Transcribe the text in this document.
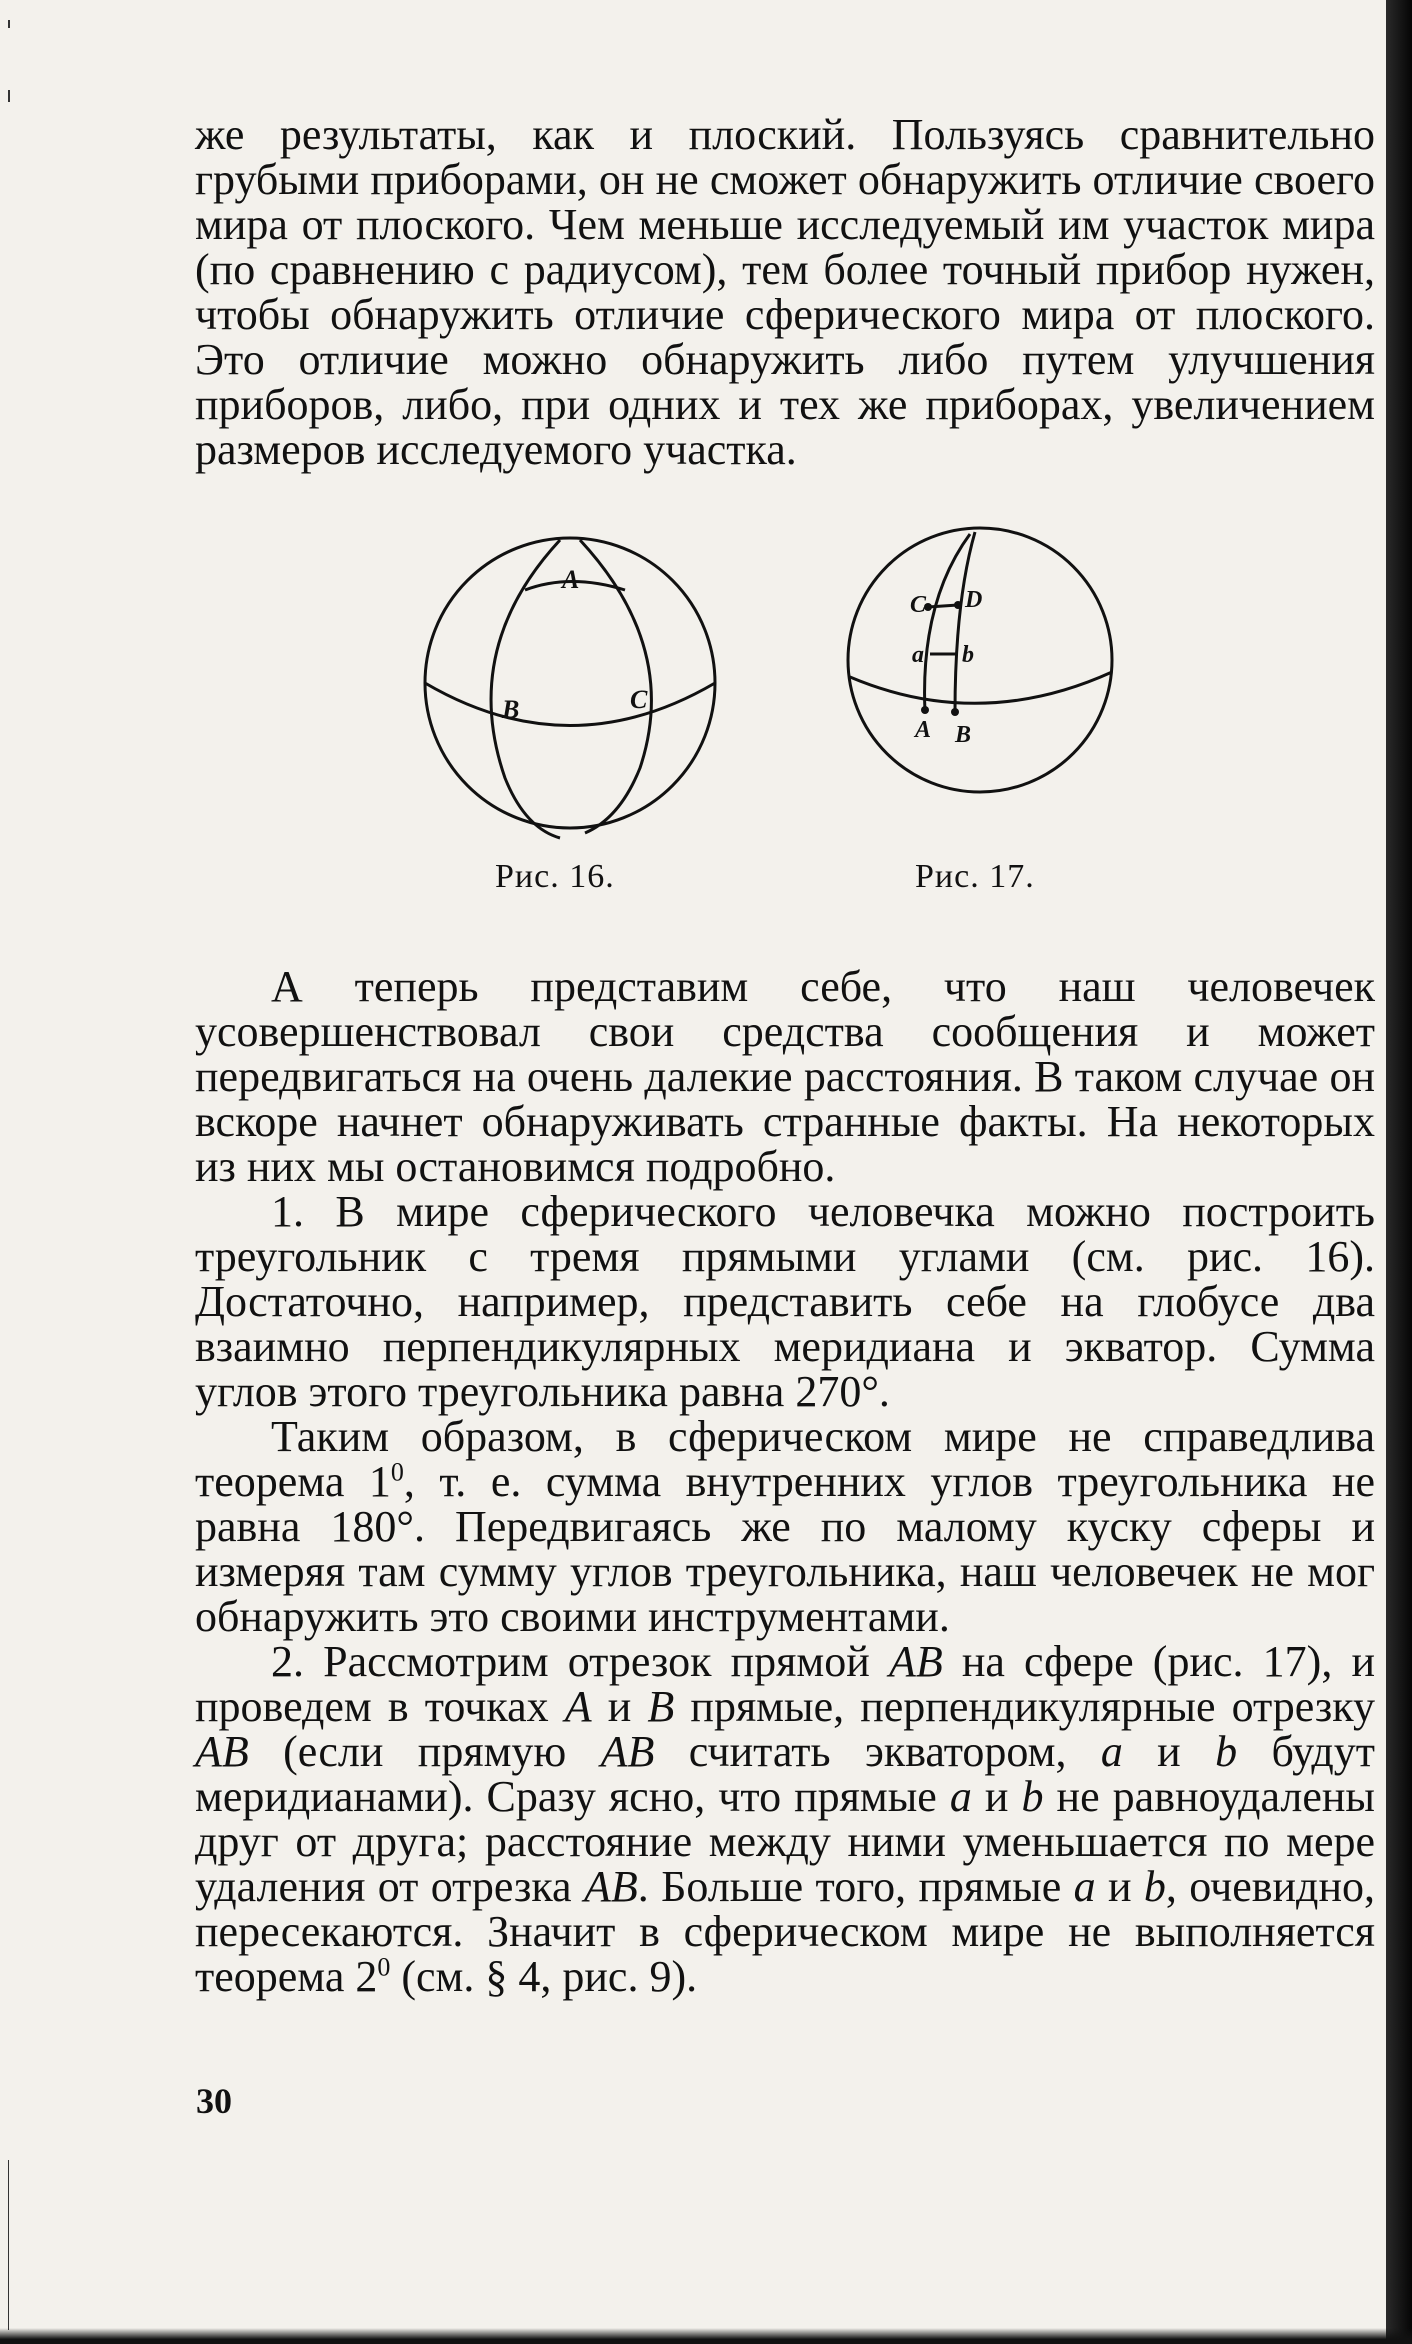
же результаты, как и плоский. Пользуясь сравнительно грубыми приборами, он не сможет обнаружить отличие своего мира от плоского. Чем меньше исследуемый им участок мира (по сравнению с радиусом), тем более точный прибор нужен, чтобы обнаружить отличие сферического мира от плоского. Это отличие можно обнаружить либо путем улучшения приборов, либо, при одних и тех же приборах, увеличением размеров исследуемого участка.

A
B	C
C D
a b
A B
Рис. 16.	Рис. 17.

А теперь представим себе, что наш человечек усовершенствовал свои средства сообщения и может передвигаться на очень далекие расстояния. В таком случае он вскоре начнет обнаруживать странные факты. На некоторых из них мы остановимся подробно.

1. В мире сферического человечка можно построить треугольник с тремя прямыми углами (см. рис. 16). Достаточно, например, представить себе на глобусе два взаимно перпендикулярных меридиана и экватор. Сумма углов этого треугольника равна 270°.

Таким образом, в сферическом мире не справедлива теорема $1^0$, т. е. сумма внутренних углов треугольника не равна 180°. Передвигаясь же по малому куску сферы и измеряя там сумму углов треугольника, наш человечек не мог обнаружить это своими инструментами.

2. Рассмотрим отрезок прямой AB на сфере (рис. 17), и проведем в точках A и B прямые, перпендикулярные отрезку AB (если прямую AB считать экватором, a и b будут меридианами). Сразу ясно, что прямые a и b не равноудалены друг от друга; расстояние между ними уменьшается по мере удаления от отрезка AB. Больше того, прямые a и b, очевидно, пересекаются. Значит в сферическом мире не выполняется теорема $2^0$ (см. § 4, рис. 9).

30
